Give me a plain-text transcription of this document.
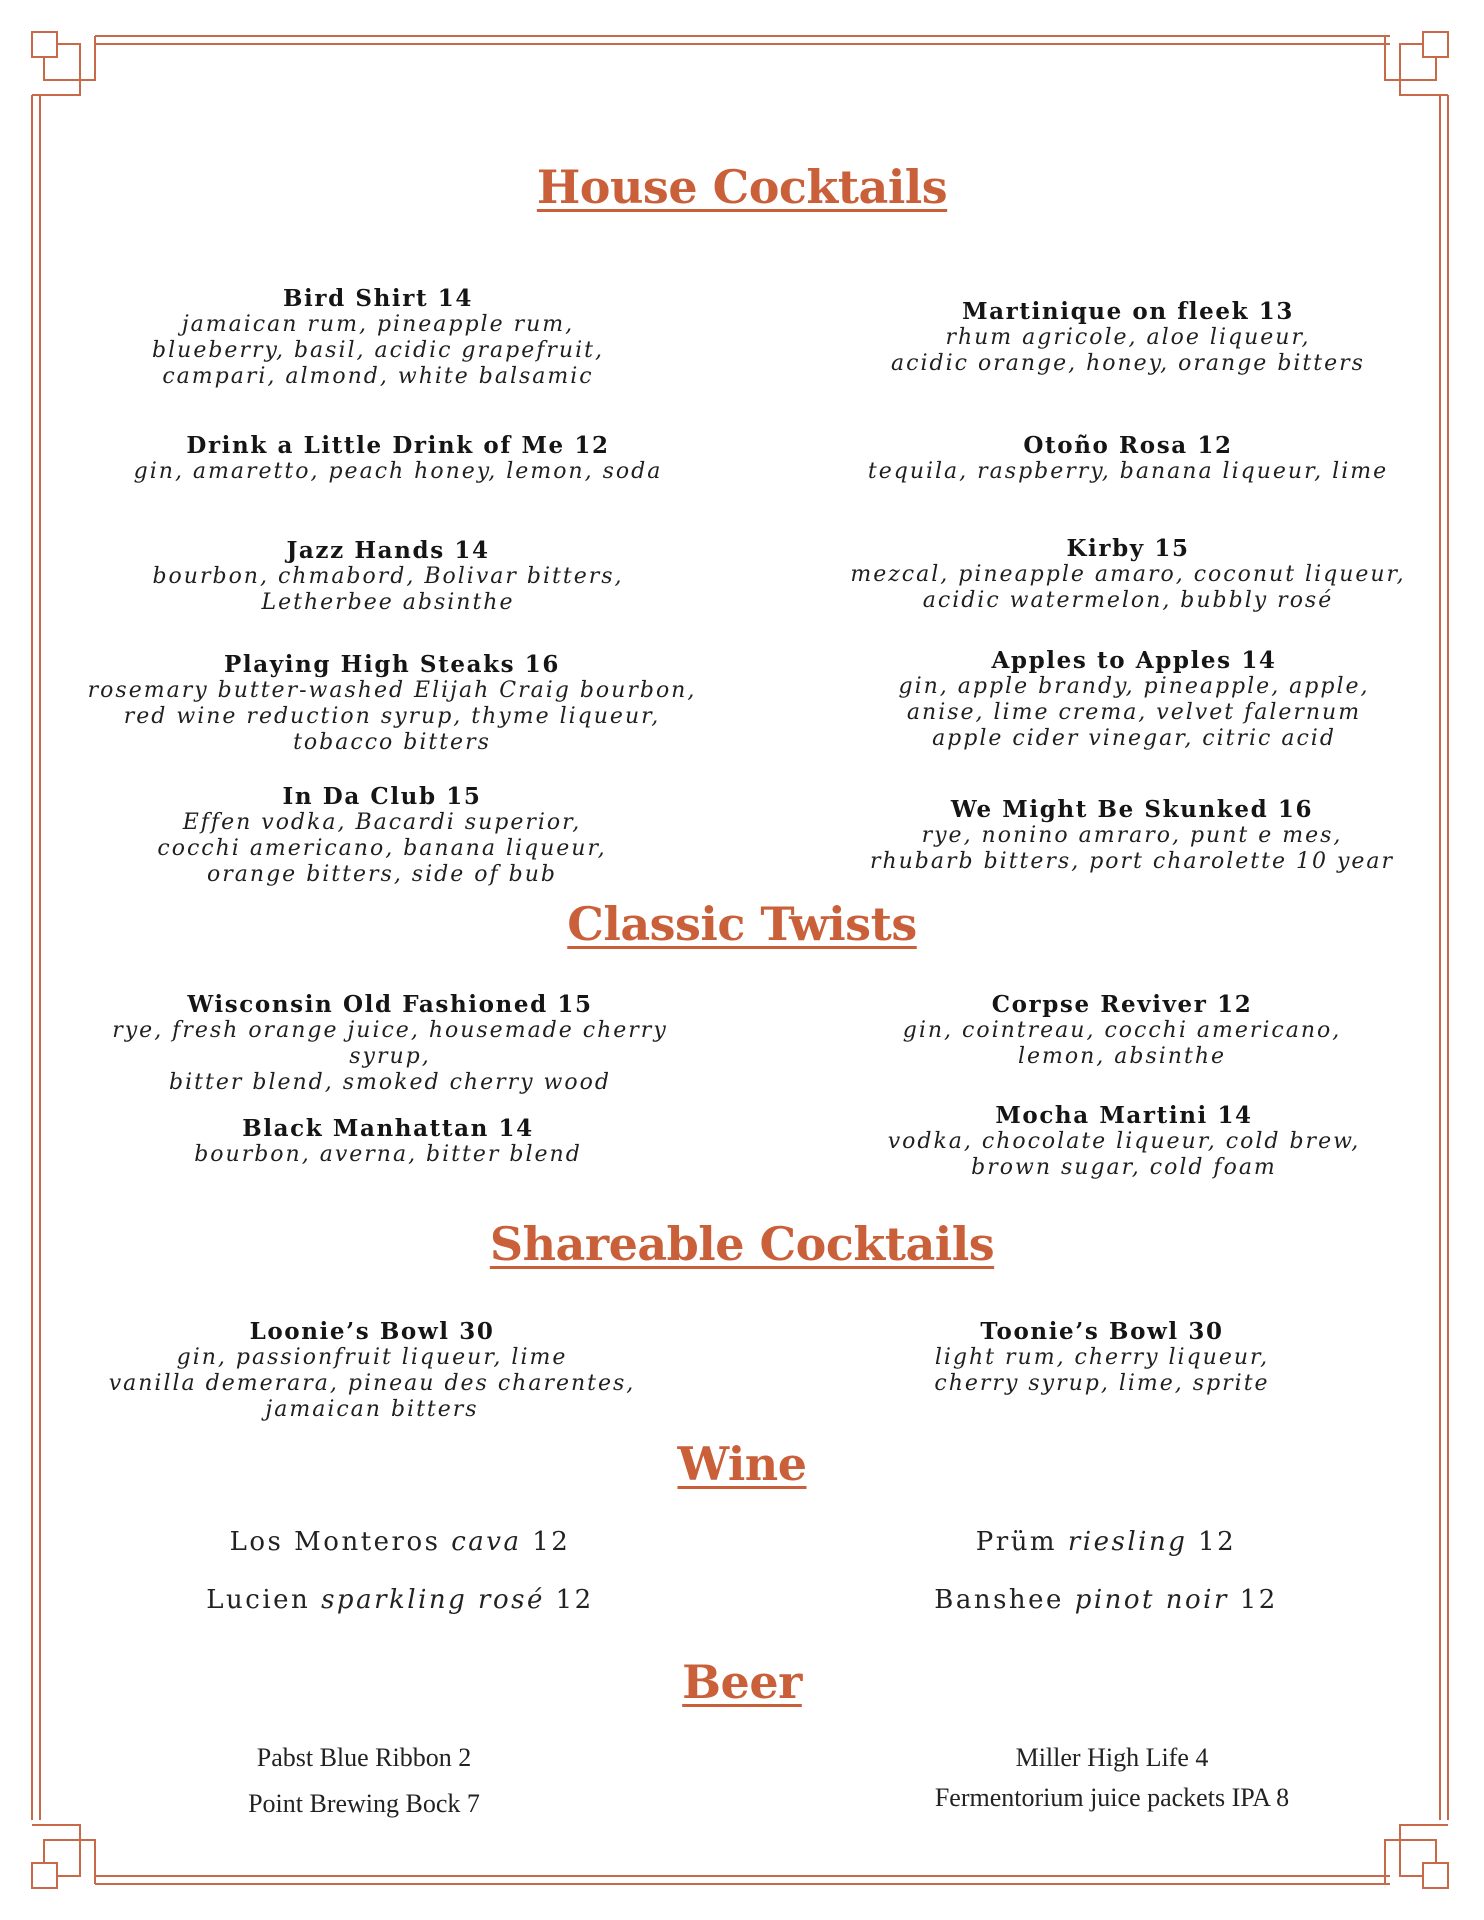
House Cocktails
Classic Twists
Shareable Cocktails
Wine
Beer
Bird Shirt 14
jamaican rum, pineapple rum,
blueberry, basil, acidic grapefruit,
campari, almond, white balsamic
Martinique on fleek 13
rhum agricole, aloe liqueur,
acidic orange, honey, orange bitters
Drink a Little Drink of Me 12
gin, amaretto, peach honey, lemon, soda
Otoño Rosa 12
tequila, raspberry, banana liqueur, lime
Jazz Hands 14
bourbon, chmabord, Bolivar bitters,
Letherbee absinthe
Kirby 15
mezcal, pineapple amaro, coconut liqueur,
acidic watermelon, bubbly rosé
Playing High Steaks 16
rosemary butter-washed Elijah Craig bourbon,
red wine reduction syrup, thyme liqueur,
tobacco bitters
Apples to Apples 14
gin, apple brandy, pineapple, apple,
anise, lime crema, velvet falernum
apple cider vinegar, citric acid
In Da Club 15
Effen vodka, Bacardi superior,
cocchi americano, banana liqueur,
orange bitters, side of bub
We Might Be Skunked 16
rye, nonino amraro, punt e mes,
rhubarb bitters, port charolette 10 year
Wisconsin Old Fashioned 15
rye, fresh orange juice, housemade cherry syrup,
bitter blend, smoked cherry wood
Corpse Reviver 12
gin, cointreau, cocchi americano,
lemon, absinthe
Black Manhattan 14
bourbon, averna, bitter blend
Mocha Martini 14
vodka, chocolate liqueur, cold brew,
brown sugar, cold foam
Loonie’s Bowl 30
gin, passionfruit liqueur, lime
vanilla demerara, pineau des charentes,
jamaican bitters
Toonie’s Bowl 30
light rum, cherry liqueur,
cherry syrup, lime, sprite
Los Monteros cava 12	Prüm riesling 12
Lucien sparkling rosé 12	Banshee pinot noir 12
Pabst Blue Ribbon 2	Miller High Life 4
Point Brewing Bock 7	Fermentorium juice packets IPA 8
